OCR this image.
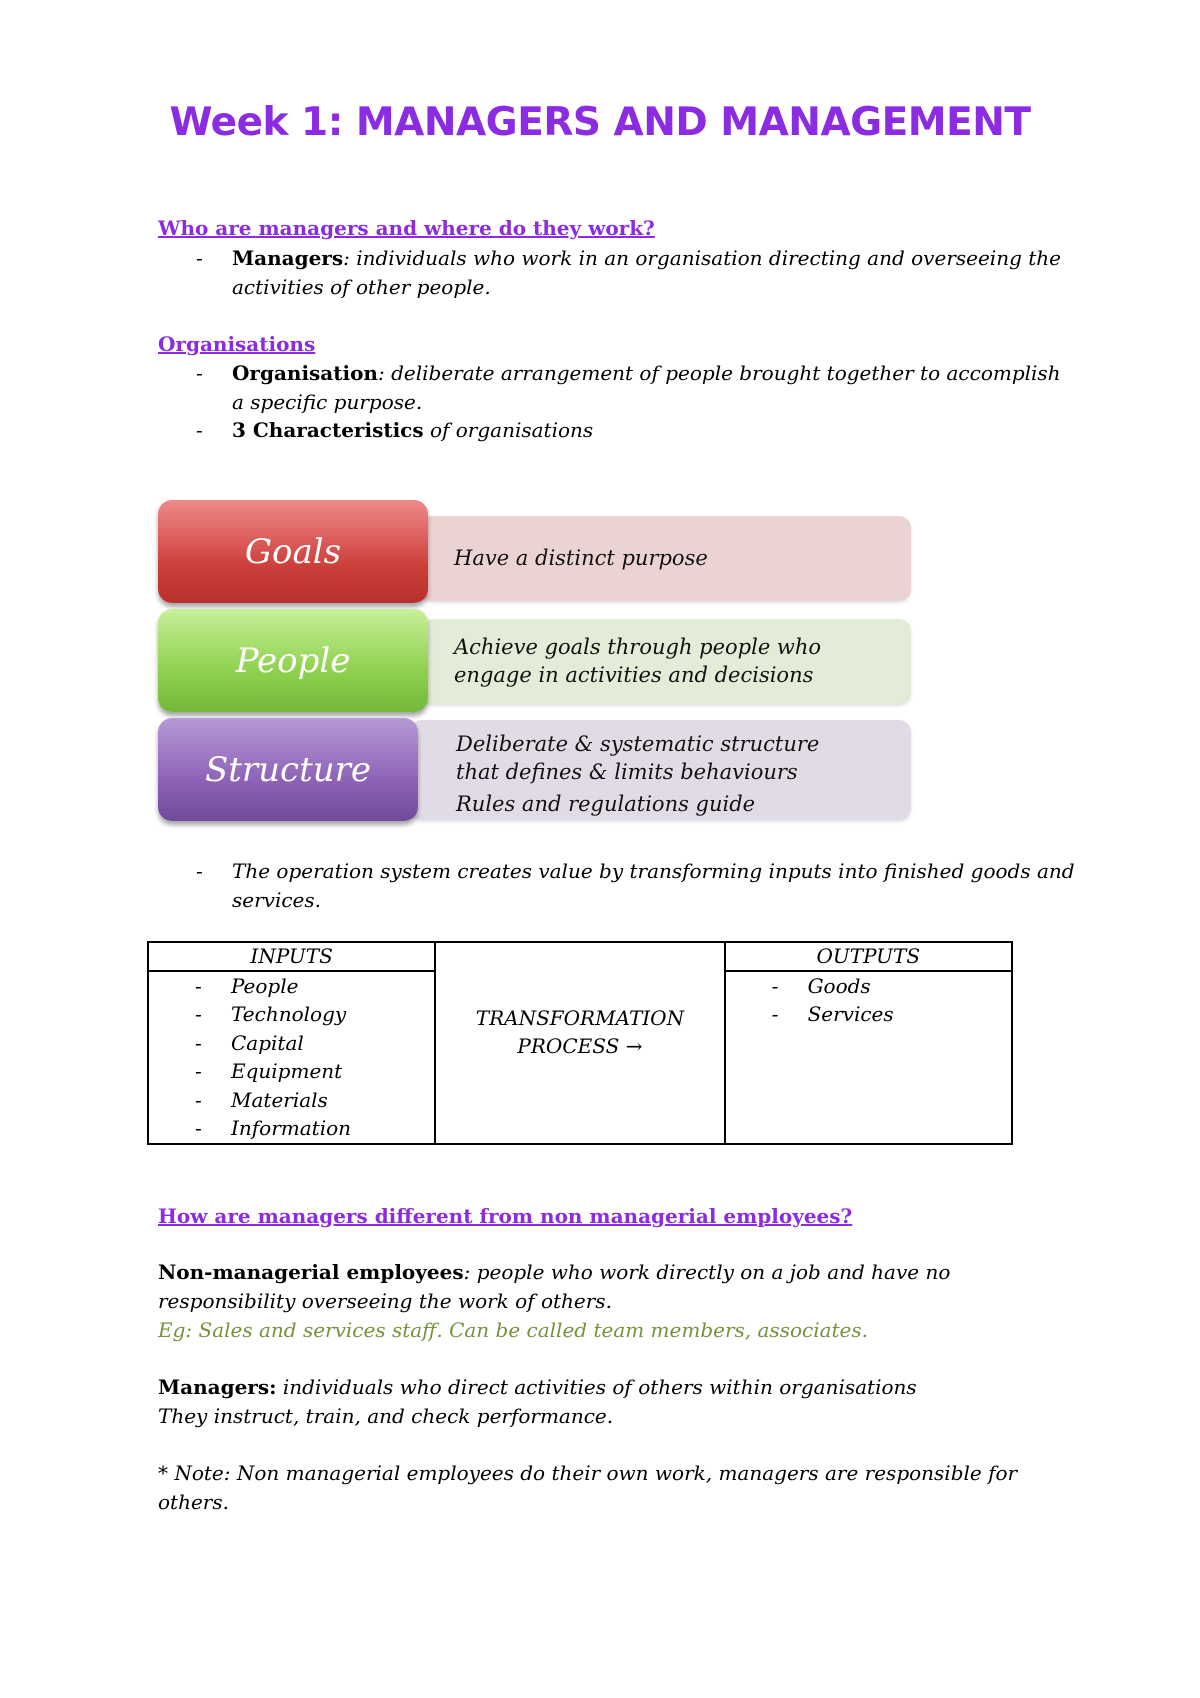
Week 1: MANAGERS AND MANAGEMENT
Who are managers and where do they work?
- Managers: individuals who work in an organisation directing and overseeing the activities of other people.
Organisations
- Organisation: deliberate arrangement of people brought together to accomplish a specific purpose.
- 3 Characteristics of organisations
Have a distinct purpose
Goals
Achieve goals through people who
engage in activities and decisions
People
Deliberate & systematic structure
that defines & limits behaviours
Rules and regulations guide
Structure
- The operation system creates value by transforming inputs into finished goods and services.
INPUTS
- People
- Technology
- Capital
- Equipment
- Materials
- Information

TRANSFORMATION
PROCESS →

OUTPUTS
- Goods
- Services
How are managers different from non managerial employees?
Non-managerial employees: people who work directly on a job and have no responsibility overseeing the work of others.
Eg: Sales and services staff. Can be called team members, associates.
Managers: individuals who direct activities of others within organisations
They instruct, train, and check performance.
* Note: Non managerial employees do their own work, managers are responsible for others.
